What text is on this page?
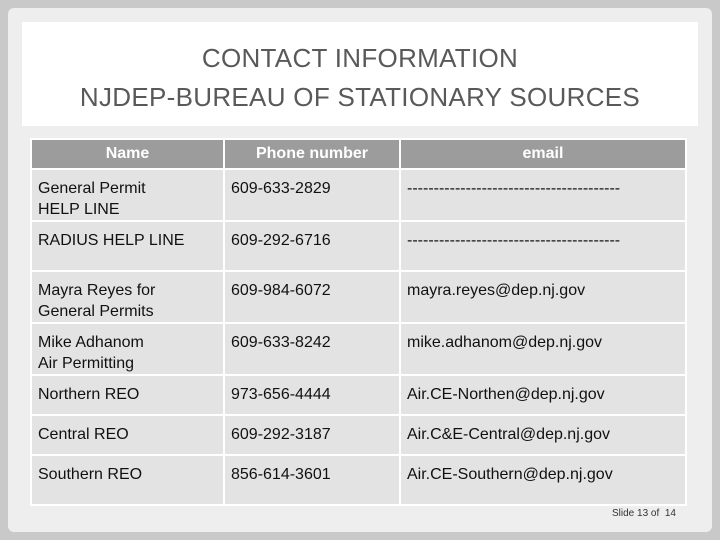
CONTACT INFORMATION
NJDEP-BUREAU OF STATIONARY SOURCES
Name	Phone number	email

General Permit
HELP LINE	609-633-2829	----------------------------------------

RADIUS HELP LINE	609-292-6716	----------------------------------------

Mayra Reyes for
General Permits	609-984-6072	mayra.reyes@dep.nj.gov

Mike Adhanom
Air Permitting	609-633-8242	mike.adhanom@dep.nj.gov

Northern REO	973-656-4444	Air.CE-Northen@dep.nj.gov

Central REO	609-292-3187	Air.C&E-Central@dep.nj.gov

Southern REO	856-614-3601	Air.CE-Southern@dep.nj.gov
Slide 13 of 14
